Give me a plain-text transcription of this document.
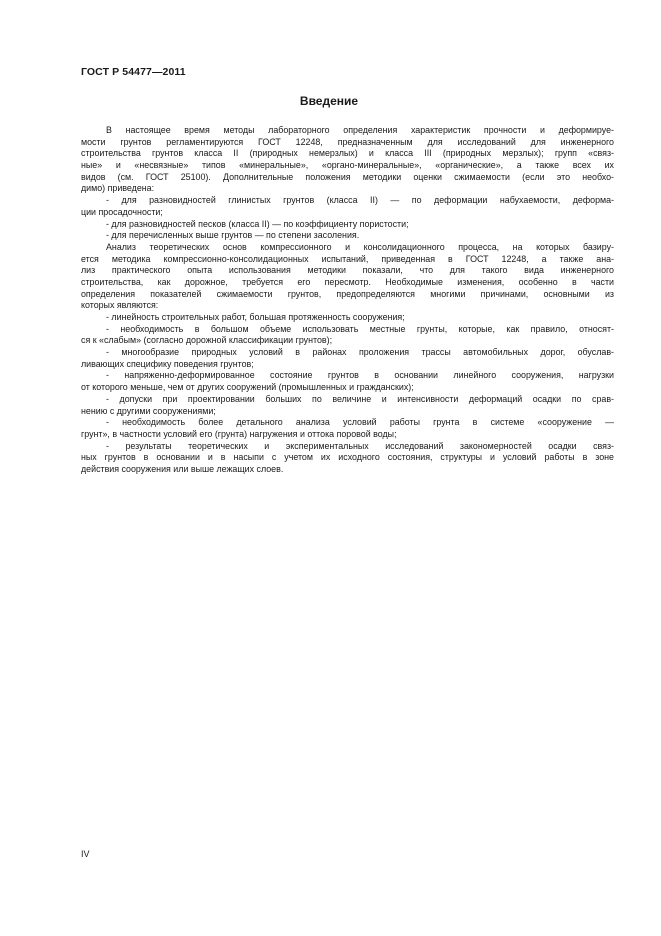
ГОСТ Р 54477—2011
Введение
В настоящее время методы лабораторного определения характеристик прочности и деформируе-
мости грунтов регламентируются ГОСТ 12248, предназначенным для исследований для инженерного
строительства грунтов класса II (природных немерзлых) и класса III (природных мерзлых); групп «связ-
ные» и «несвязные» типов «минеральные», «органо-минеральные», «органические», а также всех их
видов (см. ГОСТ 25100). Дополнительные положения методики оценки сжимаемости (если это необхо-
димо) приведена:
- для разновидностей глинистых грунтов (класса II) — по деформации набухаемости, деформа-
ции просадочности;
- для разновидностей песков (класса II) — по коэффициенту пористости;
- для перечисленных выше грунтов — по степени засоления.
Анализ теоретических основ компрессионного и консолидационного процесса, на которых базиру-
ется методика компрессионно-консолидационных испытаний, приведенная в ГОСТ 12248, а также ана-
лиз практического опыта использования методики показали, что для такого вида инженерного
строительства, как дорожное, требуется его пересмотр. Необходимые изменения, особенно в части
определения показателей сжимаемости грунтов, предопределяются многими причинами, основными из
которых являются:
- линейность строительных работ, большая протяженность сооружения;
- необходимость в большом объеме использовать местные грунты, которые, как правило, относят-
ся к «слабым» (согласно дорожной классификации грунтов);
- многообразие природных условий в районах проложения трассы автомобильных дорог, обуслав-
ливающих специфику поведения грунтов;
- напряженно-деформированное состояние грунтов в основании линейного сооружения, нагрузки
от которого меньше, чем от других сооружений (промышленных и гражданских);
- допуски при проектировании больших по величине и интенсивности деформаций осадки по срав-
нению с другими сооружениями;
- необходимость более детального анализа условий работы грунта в системе «сооружение —
грунт», в частности условий его (грунта) нагружения и оттока поровой воды;
- результаты теоретических и экспериментальных исследований закономерностей осадки связ-
ных грунтов в основании и в насыпи с учетом их исходного состояния, структуры и условий работы в зоне
действия сооружения или выше лежащих слоев.
IV
